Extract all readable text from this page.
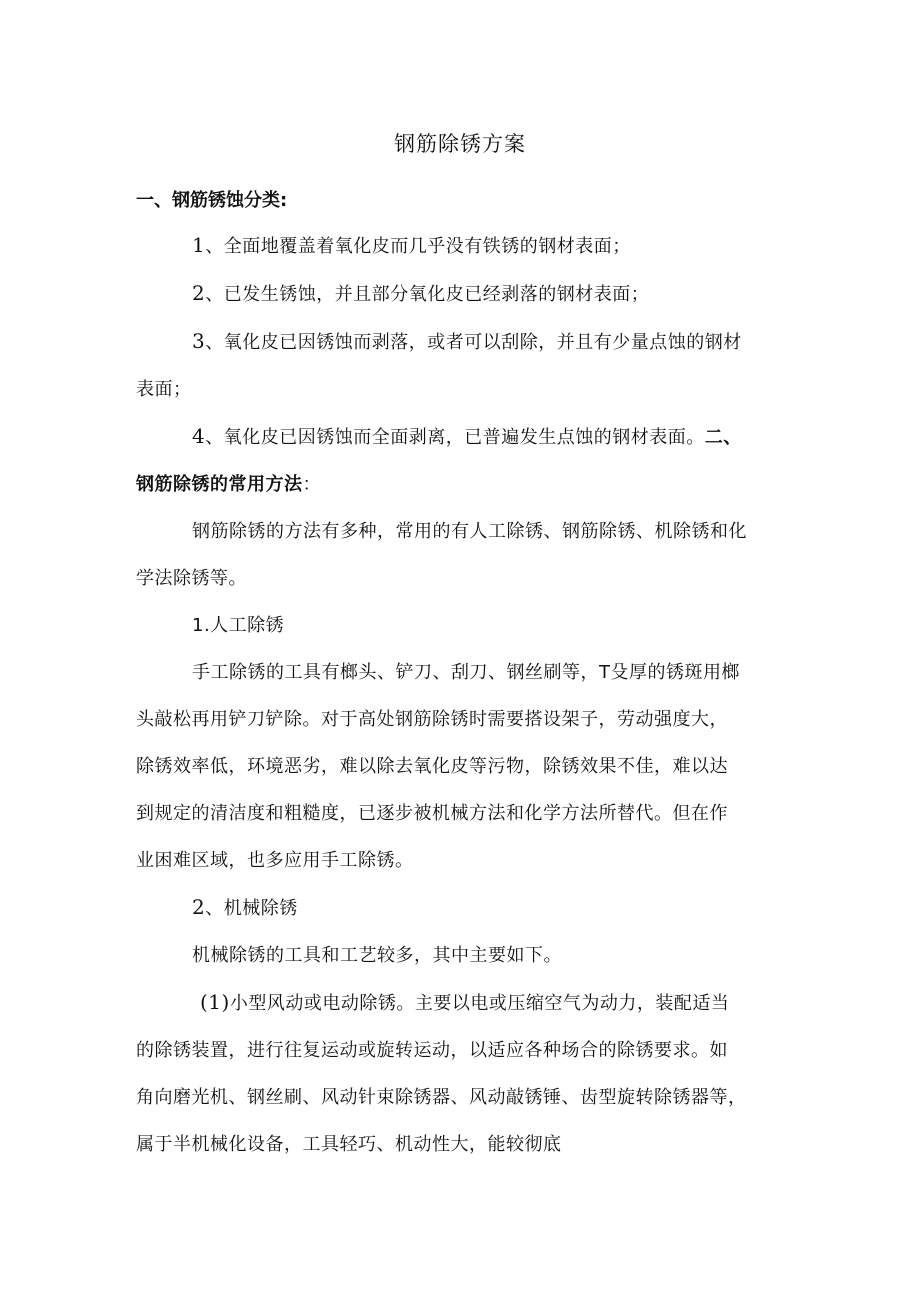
钢筋除锈方案
一、钢筋锈蚀分类:
1、全面地覆盖着氧化皮而几乎没有铁锈的钢材表面；
2、已发生锈蚀，并且部分氧化皮已经剥落的钢材表面；
3、氧化皮已因锈蚀而剥落，或者可以刮除，并且有少量点蚀的钢材
表面；
4、氧化皮已因锈蚀而全面剥离，已普遍发生点蚀的钢材表面。二、
钢筋除锈的常用方法：
钢筋除锈的方法有多种，常用的有人工除锈、钢筋除锈、机除锈和化
学法除锈等。
1.人工除锈
手工除锈的工具有榔头、铲刀、刮刀、钢丝刷等，T殳厚的锈斑用榔
头敲松再用铲刀铲除。对于高处钢筋除锈时需要搭设架子，劳动强度大，
除锈效率低，环境恶劣，难以除去氧化皮等污物，除锈效果不佳，难以达
到规定的清洁度和粗糙度，已逐步被机械方法和化学方法所替代。但在作
业困难区域，也多应用手工除锈。
2、机械除锈
机械除锈的工具和工艺较多，其中主要如下。
(1)小型风动或电动除锈。主要以电或压缩空气为动力，装配适当
的除锈装置，进行往复运动或旋转运动，以适应各种场合的除锈要求。如
角向磨光机、钢丝刷、风动针束除锈器、风动敲锈锤、齿型旋转除锈器等，
属于半机械化设备，工具轻巧、机动性大，能较彻底
